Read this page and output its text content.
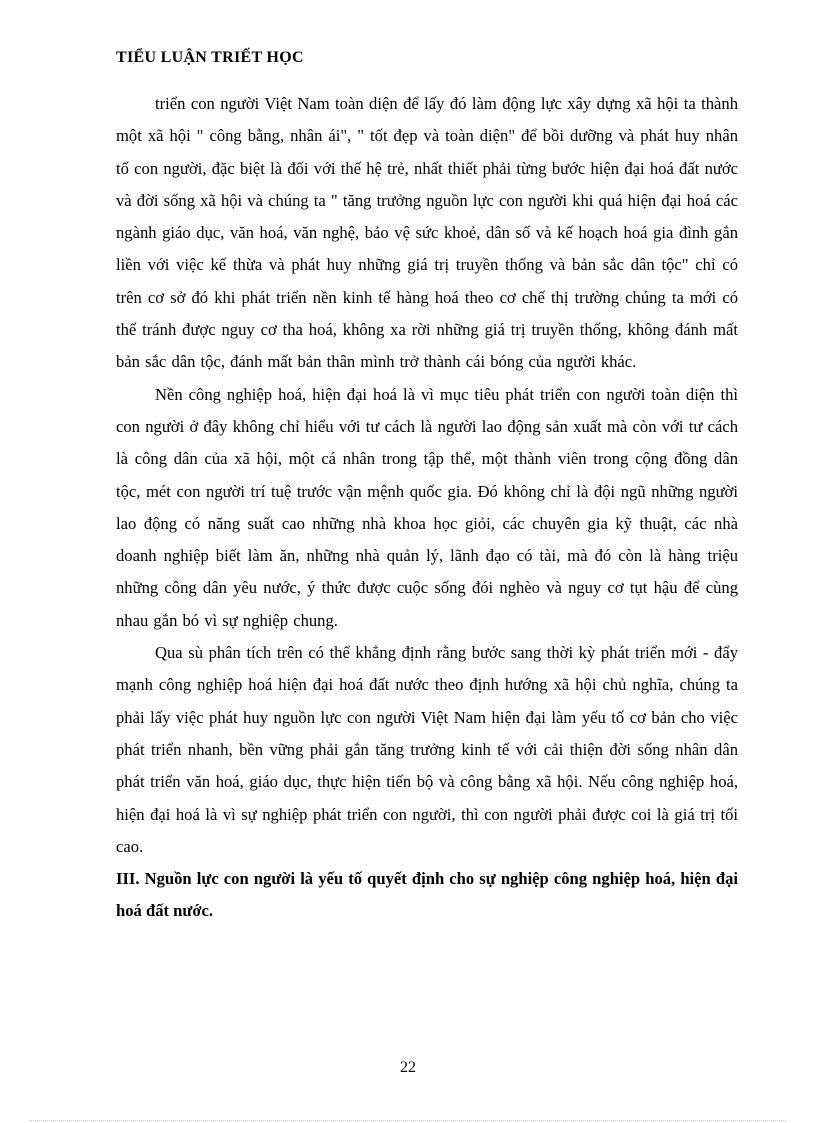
TIỂU LUẬN TRIẾT HỌC

triển con người Việt Nam toàn diện để lấy đó làm động lực xây dựng xã hội ta thành một xã hội " công bằng, nhân ái", " tốt đẹp và toàn diện" để bồi dưỡng và phát huy nhân tố con người, đặc biệt là đối với thế hệ trẻ, nhất thiết phải từng bước hiện đại hoá đất nước và đời sống xã hội và chúng ta " tăng trưởng nguồn lực con người khi quá hiện đại hoá các ngành giáo dục, văn hoá, văn nghệ, bảo vệ sức khoẻ, dân số và kế hoạch hoá gia đình gắn liền với việc kế thừa và phát huy những giá trị truyền thống và bản sắc dân tộc" chỉ có trên cơ sở đó khi phát triển nền kinh tế hàng hoá theo cơ chế thị trường chúng ta mới có thể tránh được nguy cơ tha hoá, không xa rời những giá trị truyền thống, không đánh mất bản sắc dân tộc, đánh mất bản thân mình trở thành cái bóng của người khác.

Nền công nghiệp hoá, hiện đại hoá là vì mục tiêu phát triển con người toàn diện thì con người ở đây không chỉ hiểu với tư cách là người lao động sản xuất mà còn với tư cách là công dân của xã hội, một cá nhân trong tập thể, một thành viên trong cộng đồng dân tộc, mét con người trí tuệ trước vận mệnh quốc gia. Đó không chỉ là đội ngũ những người lao động có năng suất cao những nhà khoa học giỏi, các chuyên gia kỹ thuật, các nhà doanh nghiệp biết làm ăn, những nhà quản lý, lãnh đạo có tài, mà đó còn là hàng triệu những công dân yêu nước, ý thức được cuộc sống đói nghèo và nguy cơ tụt hậu để cùng nhau gắn bó vì sự nghiệp chung.

Qua sù phân tích trên có thể khẳng định rằng bước sang thời kỳ phát triển mới - đẩy mạnh công nghiệp hoá hiện đại hoá đất nước theo định hướng xã hội chủ nghĩa, chúng ta phải lấy việc phát huy nguồn lực con người Việt Nam hiện đại làm yếu tố cơ bản cho việc phát triển nhanh, bền vững phải gắn tăng trưởng kinh tế với cải thiện đời sống nhân dân phát triển văn hoá, giáo dục, thực hiện tiến bộ và công bằng xã hội. Nếu công nghiệp hoá, hiện đại hoá là vì sự nghiệp phát triển con người, thì con người phải được coi là giá trị tối cao.

III. Nguồn lực con người là yếu tố quyết định cho sự nghiệp công nghiệp hoá, hiện đại hoá đất nước.

22
